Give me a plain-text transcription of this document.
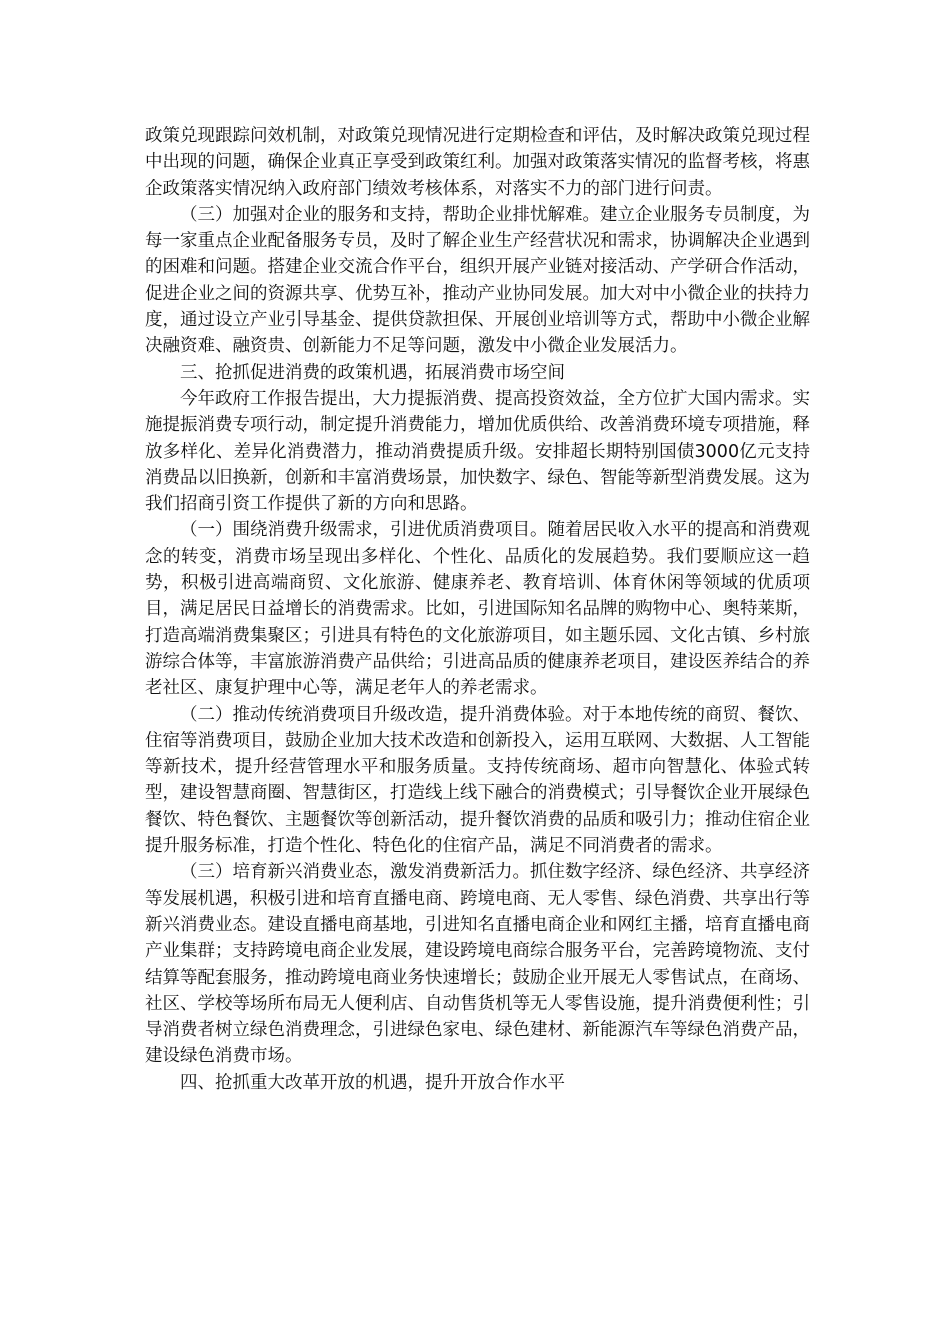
政策兑现跟踪问效机制，对政策兑现情况进行定期检查和评估，及时解决政策兑现过程中出现的问题，确保企业真正享受到政策红利。加强对政策落实情况的监督考核，将惠企政策落实情况纳入政府部门绩效考核体系，对落实不力的部门进行问责。

（三）加强对企业的服务和支持，帮助企业排忧解难。建立企业服务专员制度，为每一家重点企业配备服务专员，及时了解企业生产经营状况和需求，协调解决企业遇到的困难和问题。搭建企业交流合作平台，组织开展产业链对接活动、产学研合作活动，促进企业之间的资源共享、优势互补，推动产业协同发展。加大对中小微企业的扶持力度，通过设立产业引导基金、提供贷款担保、开展创业培训等方式，帮助中小微企业解决融资难、融资贵、创新能力不足等问题，激发中小微企业发展活力。

三、抢抓促进消费的政策机遇，拓展消费市场空间

今年政府工作报告提出，大力提振消费、提高投资效益，全方位扩大国内需求。实施提振消费专项行动，制定提升消费能力，增加优质供给、改善消费环境专项措施，释放多样化、差异化消费潜力，推动消费提质升级。安排超长期特别国债3000亿元支持消费品以旧换新，创新和丰富消费场景，加快数字、绿色、智能等新型消费发展。这为我们招商引资工作提供了新的方向和思路。

（一）围绕消费升级需求，引进优质消费项目。随着居民收入水平的提高和消费观念的转变，消费市场呈现出多样化、个性化、品质化的发展趋势。我们要顺应这一趋势，积极引进高端商贸、文化旅游、健康养老、教育培训、体育休闲等领域的优质项目，满足居民日益增长的消费需求。比如，引进国际知名品牌的购物中心、奥特莱斯，打造高端消费集聚区；引进具有特色的文化旅游项目，如主题乐园、文化古镇、乡村旅游综合体等，丰富旅游消费产品供给；引进高品质的健康养老项目，建设医养结合的养老社区、康复护理中心等，满足老年人的养老需求。

（二）推动传统消费项目升级改造，提升消费体验。对于本地传统的商贸、餐饮、住宿等消费项目，鼓励企业加大技术改造和创新投入，运用互联网、大数据、人工智能等新技术，提升经营管理水平和服务质量。支持传统商场、超市向智慧化、体验式转型，建设智慧商圈、智慧街区，打造线上线下融合的消费模式；引导餐饮企业开展绿色餐饮、特色餐饮、主题餐饮等创新活动，提升餐饮消费的品质和吸引力；推动住宿企业提升服务标准，打造个性化、特色化的住宿产品，满足不同消费者的需求。

（三）培育新兴消费业态，激发消费新活力。抓住数字经济、绿色经济、共享经济等发展机遇，积极引进和培育直播电商、跨境电商、无人零售、绿色消费、共享出行等新兴消费业态。建设直播电商基地，引进知名直播电商企业和网红主播，培育直播电商产业集群；支持跨境电商企业发展，建设跨境电商综合服务平台，完善跨境物流、支付结算等配套服务，推动跨境电商业务快速增长；鼓励企业开展无人零售试点，在商场、社区、学校等场所布局无人便利店、自动售货机等无人零售设施，提升消费便利性；引导消费者树立绿色消费理念，引进绿色家电、绿色建材、新能源汽车等绿色消费产品，建设绿色消费市场。

四、抢抓重大改革开放的机遇，提升开放合作水平
